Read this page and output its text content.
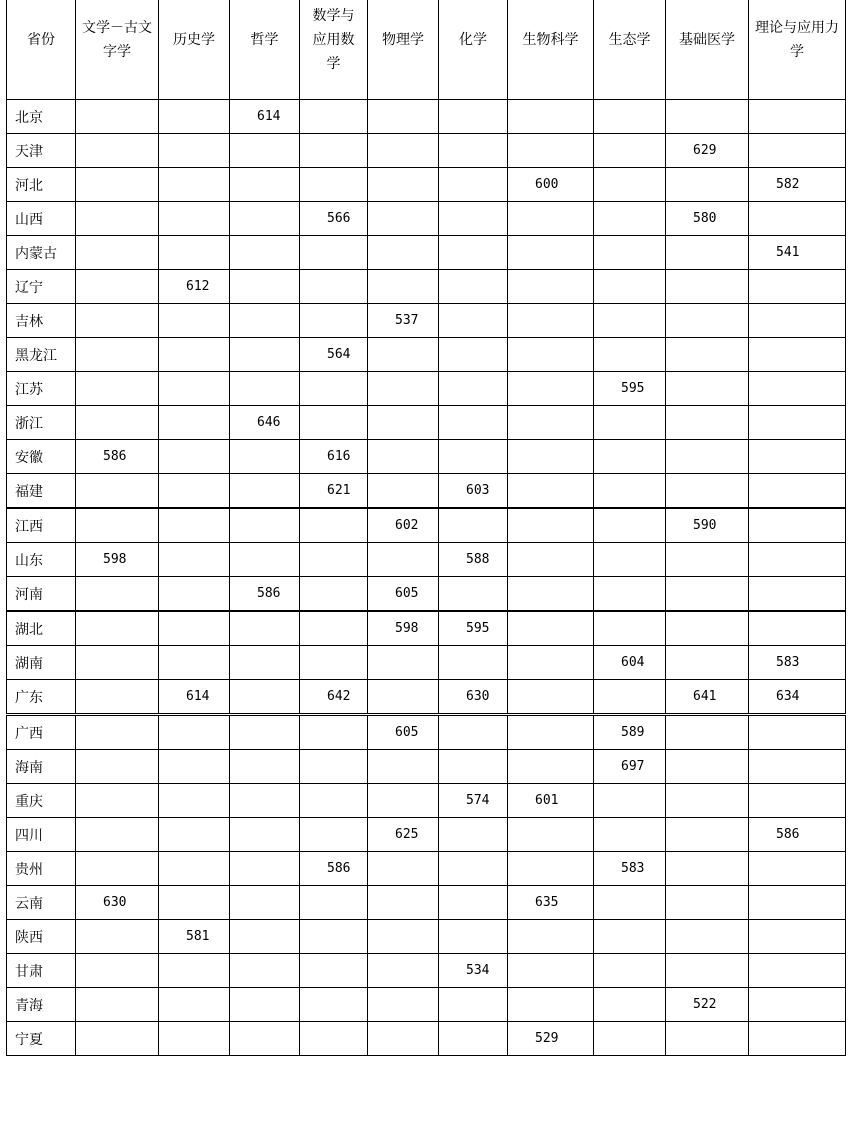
省份	文学－古文字学	历史学	哲学	数学与应用数学	物理学	化学	生物科学	生态学	基础医学	理论与应用力学

北京			614							
天津									629	
河北							600			582
山西				566					580	
内蒙古										541
辽宁		612								
吉林					537					
黑龙江				564						
江苏								595		
浙江			646							
安徽	586			616						
福建				621		603				
江西					602				590	
山东	598					588				
河南			586		605					
湖北					598	595				
湖南								604		583
广东		614		642		630			641	634
广西					605			589		
海南								697		
重庆						574	601			
四川					625					586
贵州				586				583		
云南	630						635			
陕西		581								
甘肃						534				
青海									522	
宁夏							529			
